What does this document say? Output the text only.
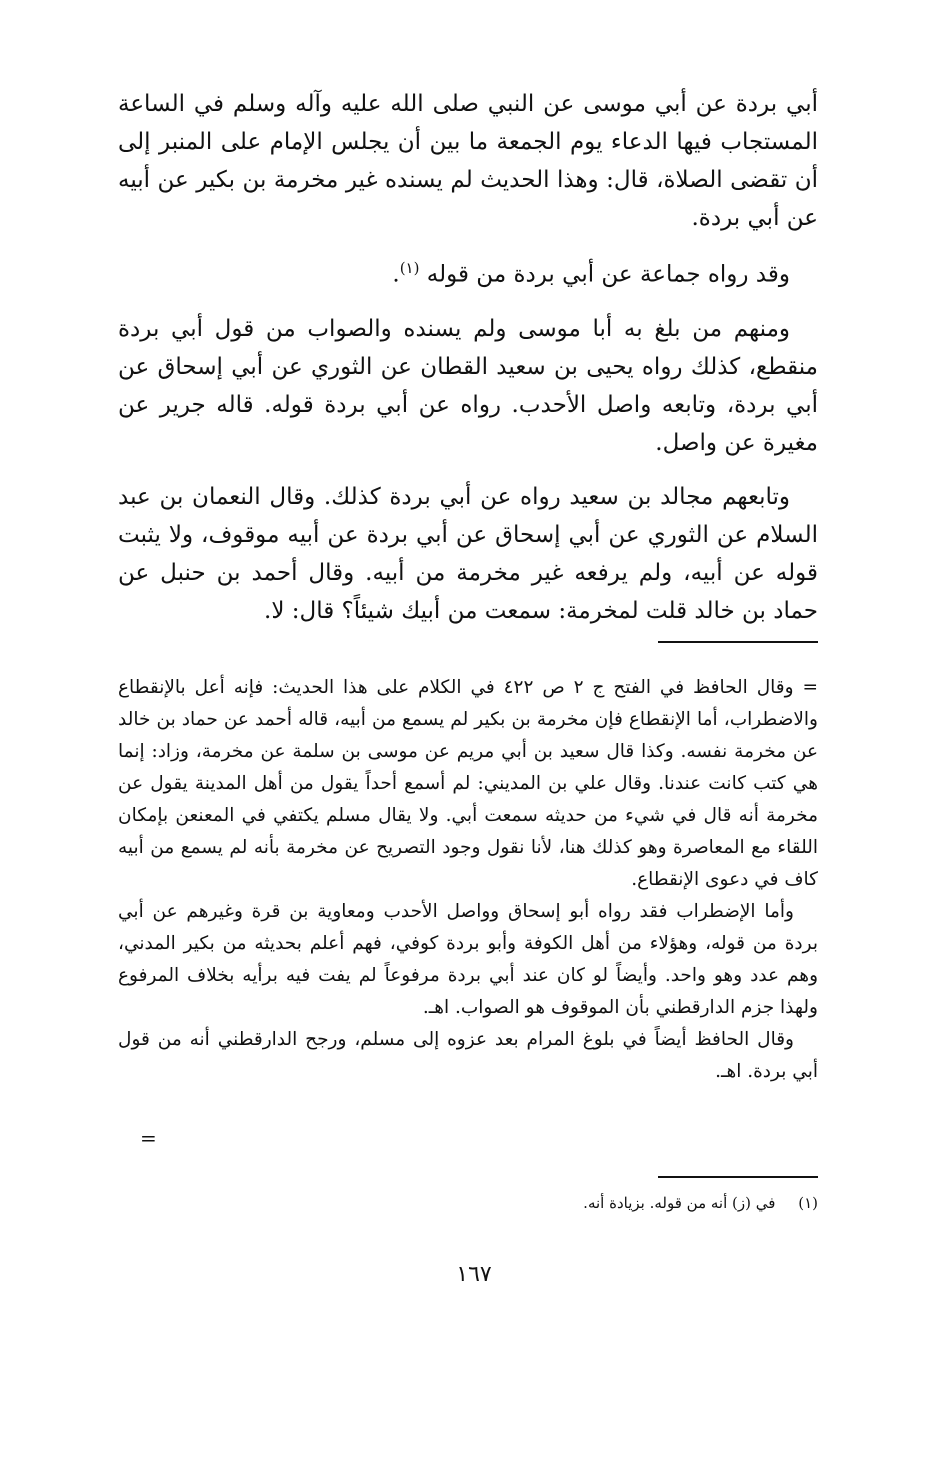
أبي بردة عن أبي موسى عن النبي صلى الله عليه وآله وسلم في الساعة المستجاب فيها الدعاء يوم الجمعة ما بين أن يجلس الإمام على المنبر إلى أن تقضى الصلاة، قال: وهذا الحديث لم يسنده غير مخرمة بن بكير عن أبيه عن أبي بردة.

وقد رواه جماعة عن أبي بردة من قوله $^{(١)}$.

ومنهم من بلغ به أبا موسى ولم يسنده والصواب من قول أبي بردة منقطع، كذلك رواه يحيى بن سعيد القطان عن الثوري عن أبي إسحاق عن أبي بردة، وتابعه واصل الأحدب. رواه عن أبي بردة قوله. قاله جرير عن مغيرة عن واصل.

وتابعهم مجالد بن سعيد رواه عن أبي بردة كذلك. وقال النعمان بن عبد السلام عن الثوري عن أبي إسحاق عن أبي بردة عن أبيه موقوف، ولا يثبت قوله عن أبيه، ولم يرفعه غير مخرمة من أبيه. وقال أحمد بن حنبل عن حماد بن خالد قلت لمخرمة: سمعت من أبيك شيئاً؟ قال: لا.

= وقال الحافظ في الفتح ج ٢ ص ٤٢٢ في الكلام على هذا الحديث: فإنه أعل بالإنقطاع والاضطراب، أما الإنقطاع فإن مخرمة بن بكير لم يسمع من أبيه، قاله أحمد عن حماد بن خالد عن مخرمة نفسه. وكذا قال سعيد بن أبي مريم عن موسى بن سلمة عن مخرمة، وزاد: إنما هي كتب كانت عندنا. وقال علي بن المديني: لم أسمع أحداً يقول من أهل المدينة يقول عن مخرمة أنه قال في شيء من حديثه سمعت أبي. ولا يقال مسلم يكتفي في المعنعن بإمكان اللقاء مع المعاصرة وهو كذلك هنا، لأنا نقول وجود التصريح عن مخرمة بأنه لم يسمع من أبيه كاف في دعوى الإنقطاع.

وأما الإضطراب فقد رواه أبو إسحاق وواصل الأحدب ومعاوية بن قرة وغيرهم عن أبي بردة من قوله، وهؤلاء من أهل الكوفة وأبو بردة كوفي، فهم أعلم بحديثه من بكير المدني، وهم عدد وهو واحد. وأيضاً لو كان عند أبي بردة مرفوعاً لم يفت فيه برأيه بخلاف المرفوع ولهذا جزم الدارقطني بأن الموقوف هو الصواب. اهـ.

وقال الحافظ أيضاً في بلوغ المرام بعد عزوه إلى مسلم، ورجح الدارقطني أنه من قول أبي بردة. اهـ.

=
(١) في (ز) أنه من قوله. بزيادة أنه.
١٦٧
